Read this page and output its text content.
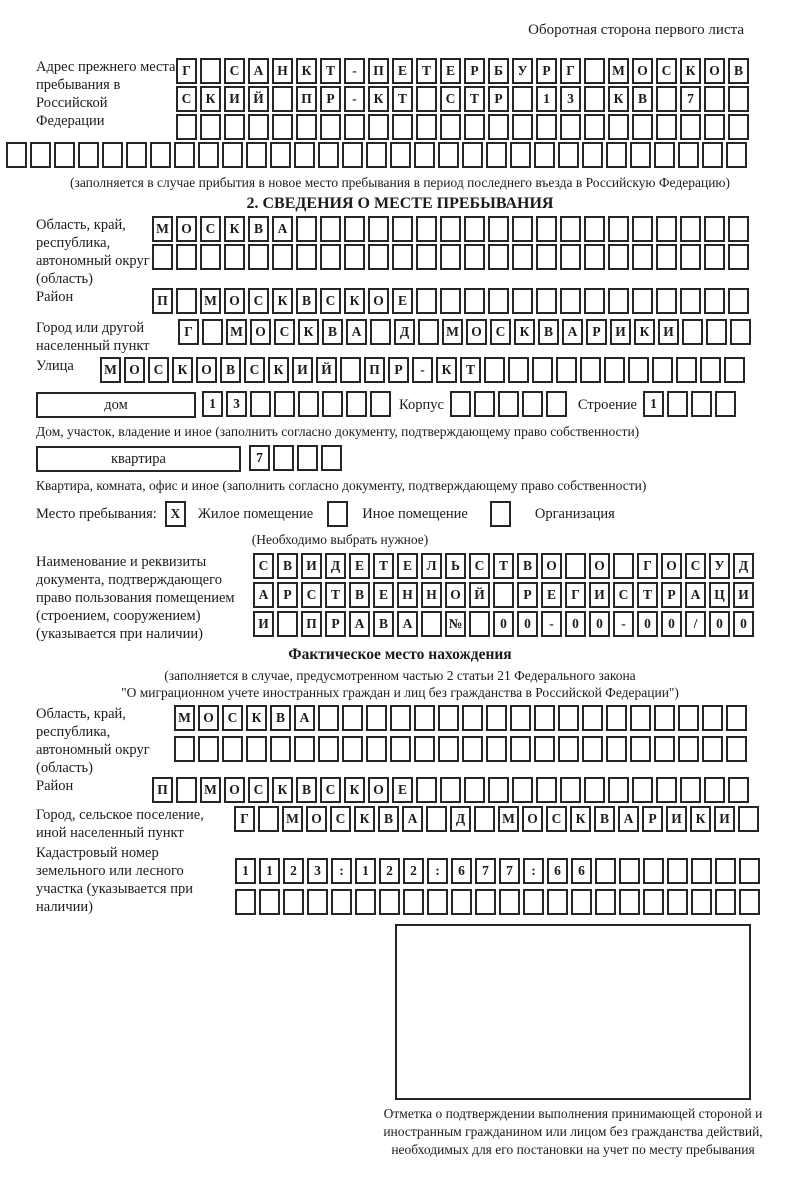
Оборотная сторона первого листа
Адрес прежнего места пребывания в Российской Федерации
Г	С	А	Н	К	Т	-	П	Е	Т	Е	Р	Б	У	Р	Г	М О	С	К	О	В
С	К	И Й	П	Р	-	К	Т	С	Т	Р	1	3	К	В	7
(заполняется в случае прибытия в новое место пребывания в период последнего въезда в Российскую Федерацию)
2. СВЕДЕНИЯ О МЕСТЕ ПРЕБЫВАНИЯ
Область, край, республика, автономный округ (область)
М О	С	К	В	А
Район	П	М О	С	К	В	С	К	О	Е
Город или другой населенный пункт
Г	М О	С	К	В	А	Д	М О	С	К	В	А	Р	И	К	И
Улица	М О	С	К	О	В	С	К	И Й	П	Р	-	К	Т
дом	1	3	Корпус	Строение 1
Дом, участок, владение и иное (заполнить согласно документу, подтверждающему право собственности)
квартира	7
Квартира, комната, офис и иное (заполнить согласно документу, подтверждающему право собственности)
Место пребывания:	X	Жилое помещение	Иное помещение	Организация
(Необходимо выбрать нужное)
Наименование и реквизиты документа, подтверждающего право пользования помещением (строением, сооружением) (указывается при наличии)
С	В	И	Д	Е	Т	Е	Л	Ь	С	Т	В	О	О	Г	О	С	У	Д
А	Р	С	Т	В	Е	Н Н О Й	Р	Е	Г	И	С	Т	Р	А	Ц И
И	П	Р	А	В	А	№	0	0	-	0	0	-	0	0	/	0	0
Фактическое место нахождения
(заполняется в случае, предусмотренном частью 2 статьи 21 Федерального закона
"О миграционном учете иностранных граждан и лиц без гражданства в Российской Федерации")
Область, край, республика, автономный округ (область)
М О	С	К	В	А
Район	П	М О	С	К	В	С	К	О	Е
Город, сельское поселение, иной населенный пункт
Г	М О	С	К	В	А	Д	М О	С	К	В	А	Р	И	К	И
Кадастровый номер земельного или лесного участка (указывается при наличии)
1	1	2	3	:	1	2	2	:	6	7	7	:	6	6
Отметка о подтверждении выполнения принимающей стороной и иностранным гражданином или лицом без гражданства действий, необходимых для его постановки на учет по месту пребывания
